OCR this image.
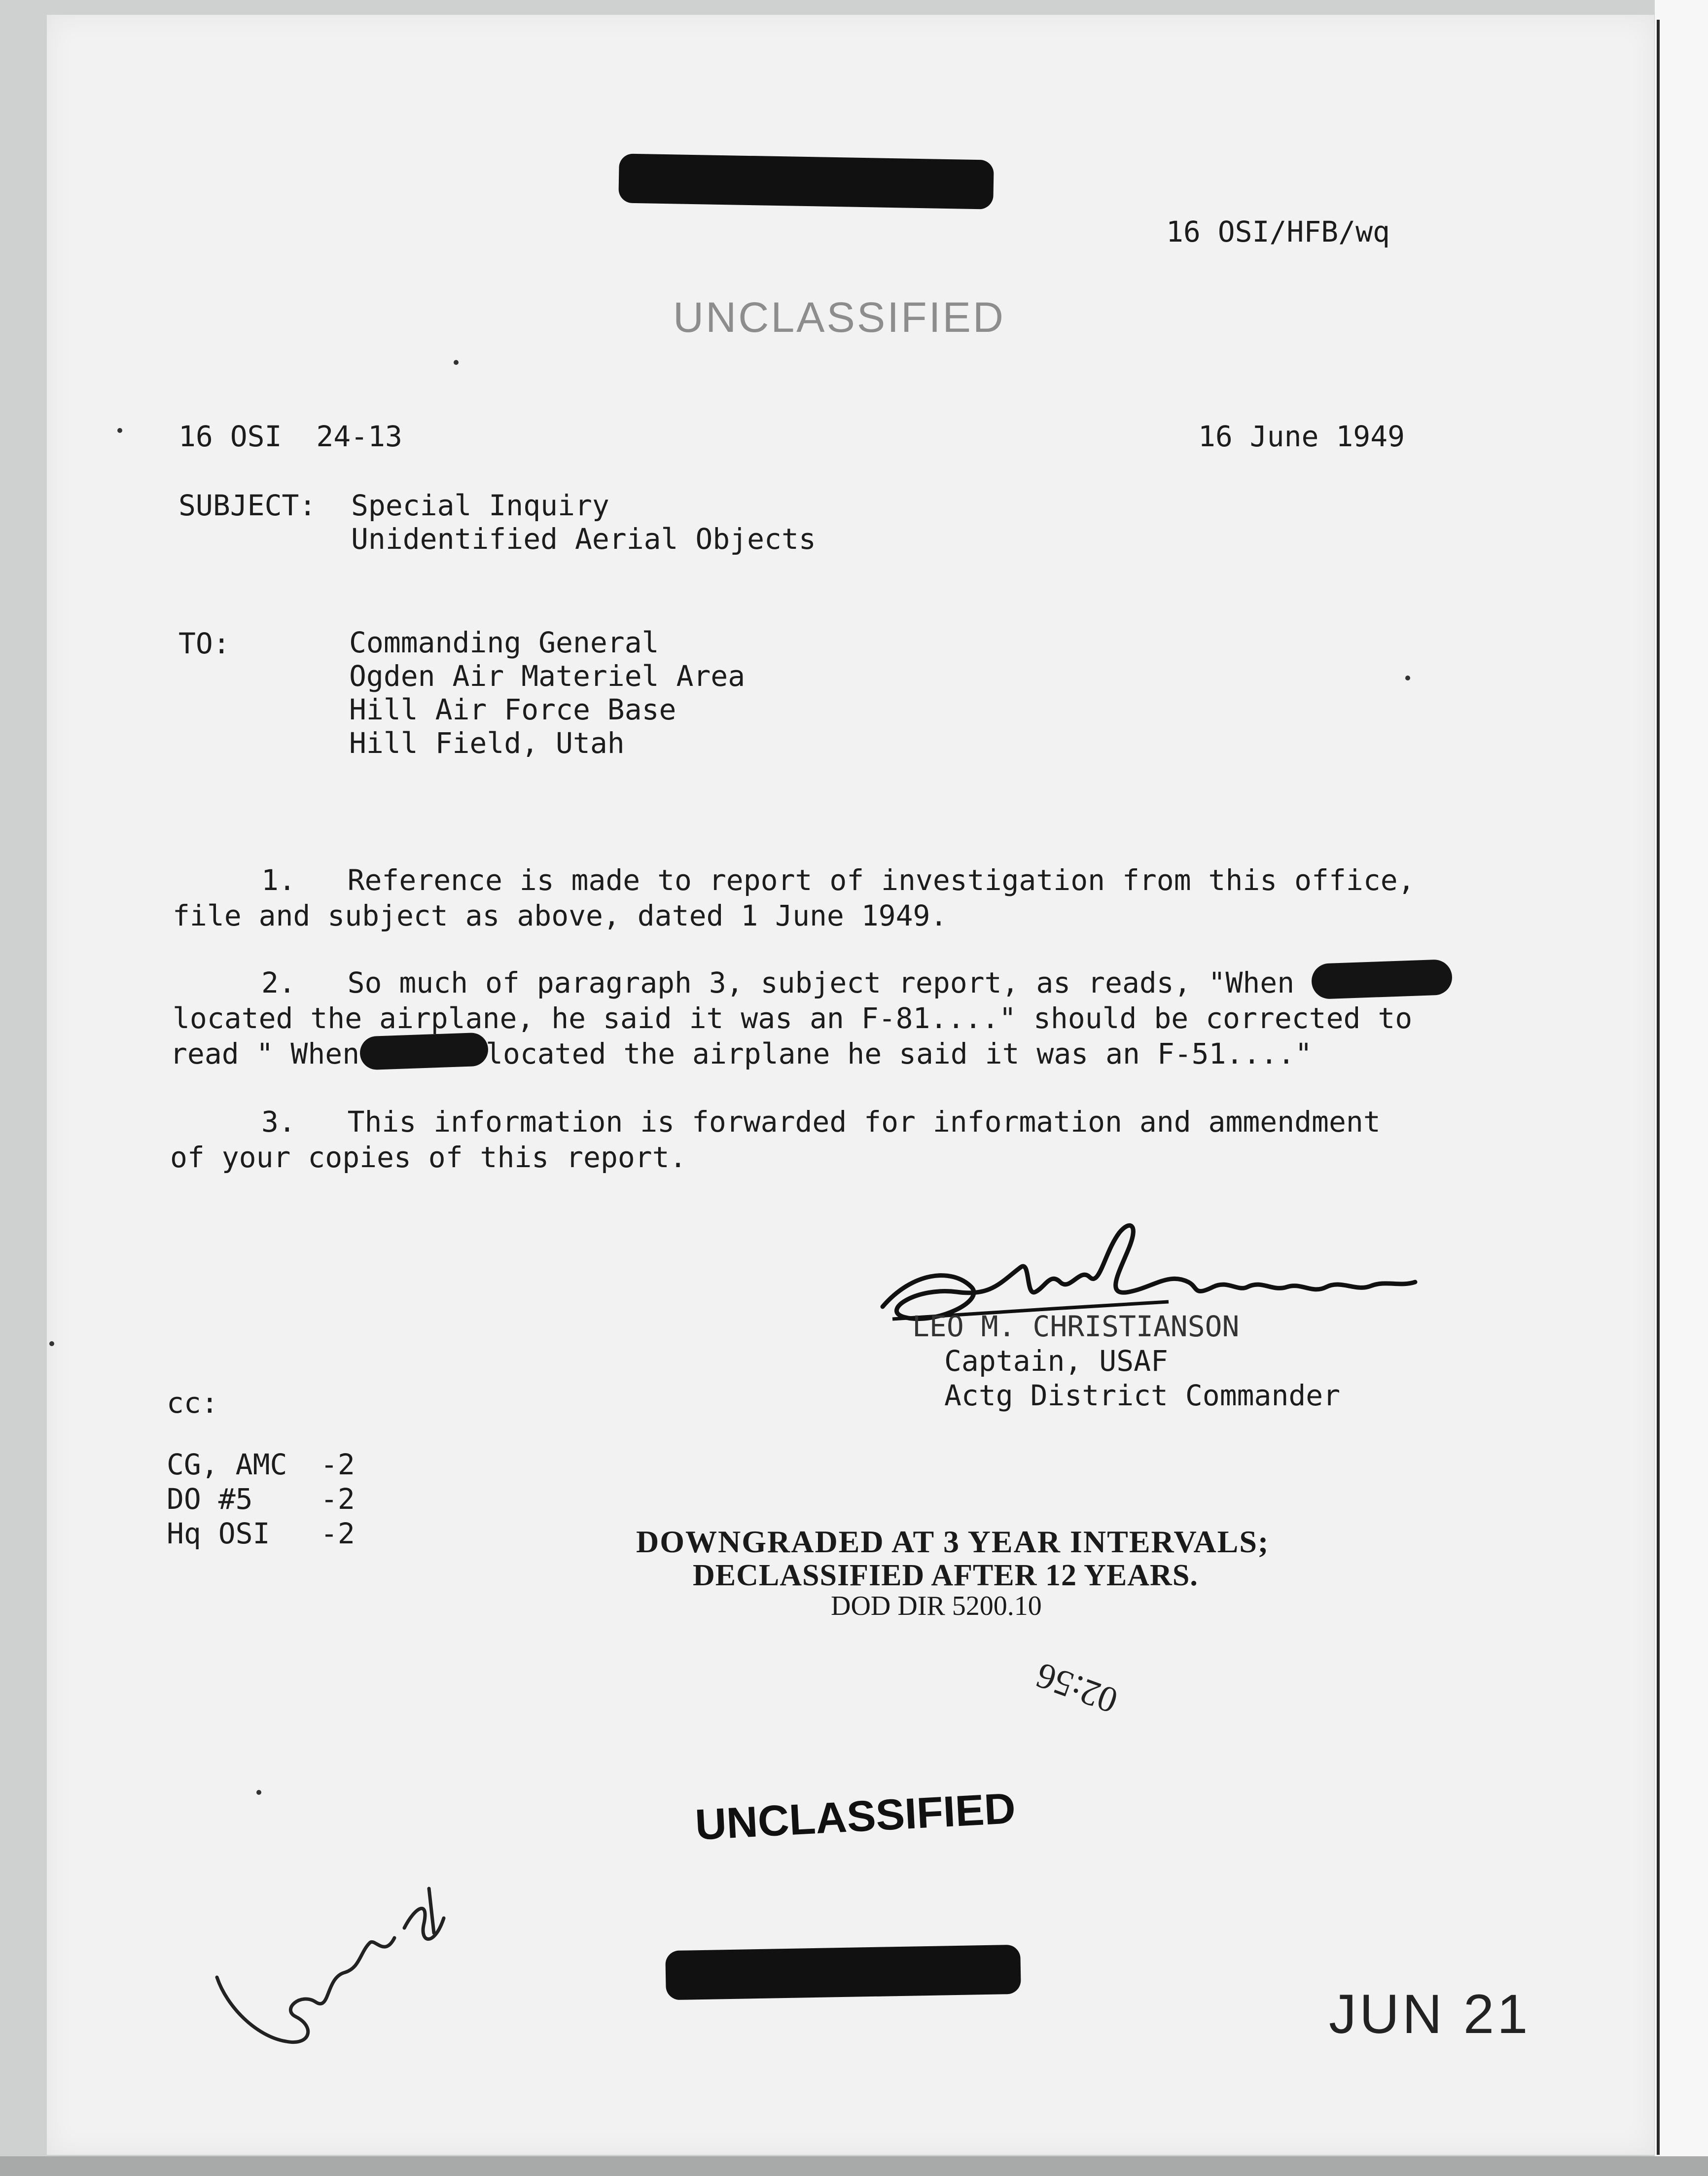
16 OSI/HFB/wq
UNCLASSIFIED
16 OSI  24-13	16 June 1949
SUBJECT: Special Inquiry
Unidentified Aerial Objects
TO:	Commanding General
Ogden Air Materiel Area
Hill Air Force Base
Hill Field, Utah
1.   Reference is made to report of investigation from this office,
file and subject as above, dated 1 June 1949.
2.   So much of paragraph 3, subject report, as reads, "When
located the airplane, he said it was an F-81...." should be corrected to
read " When	located the airplane he said it was an F-51...."
3.   This information is forwarded for information and ammendment
of your copies of this report.
LEO M. CHRISTIANSON
Captain, USAF
Actg District Commander
cc:
CG, AMC -2
DO #5 -2
Hq OSI -2	DOWNGRADED AT 3 YEAR INTERVALS;
DECLASSIFIED AFTER 12 YEARS.
DOD DIR 5200.10
02:56
UNCLASSIFIED
JUN 21
